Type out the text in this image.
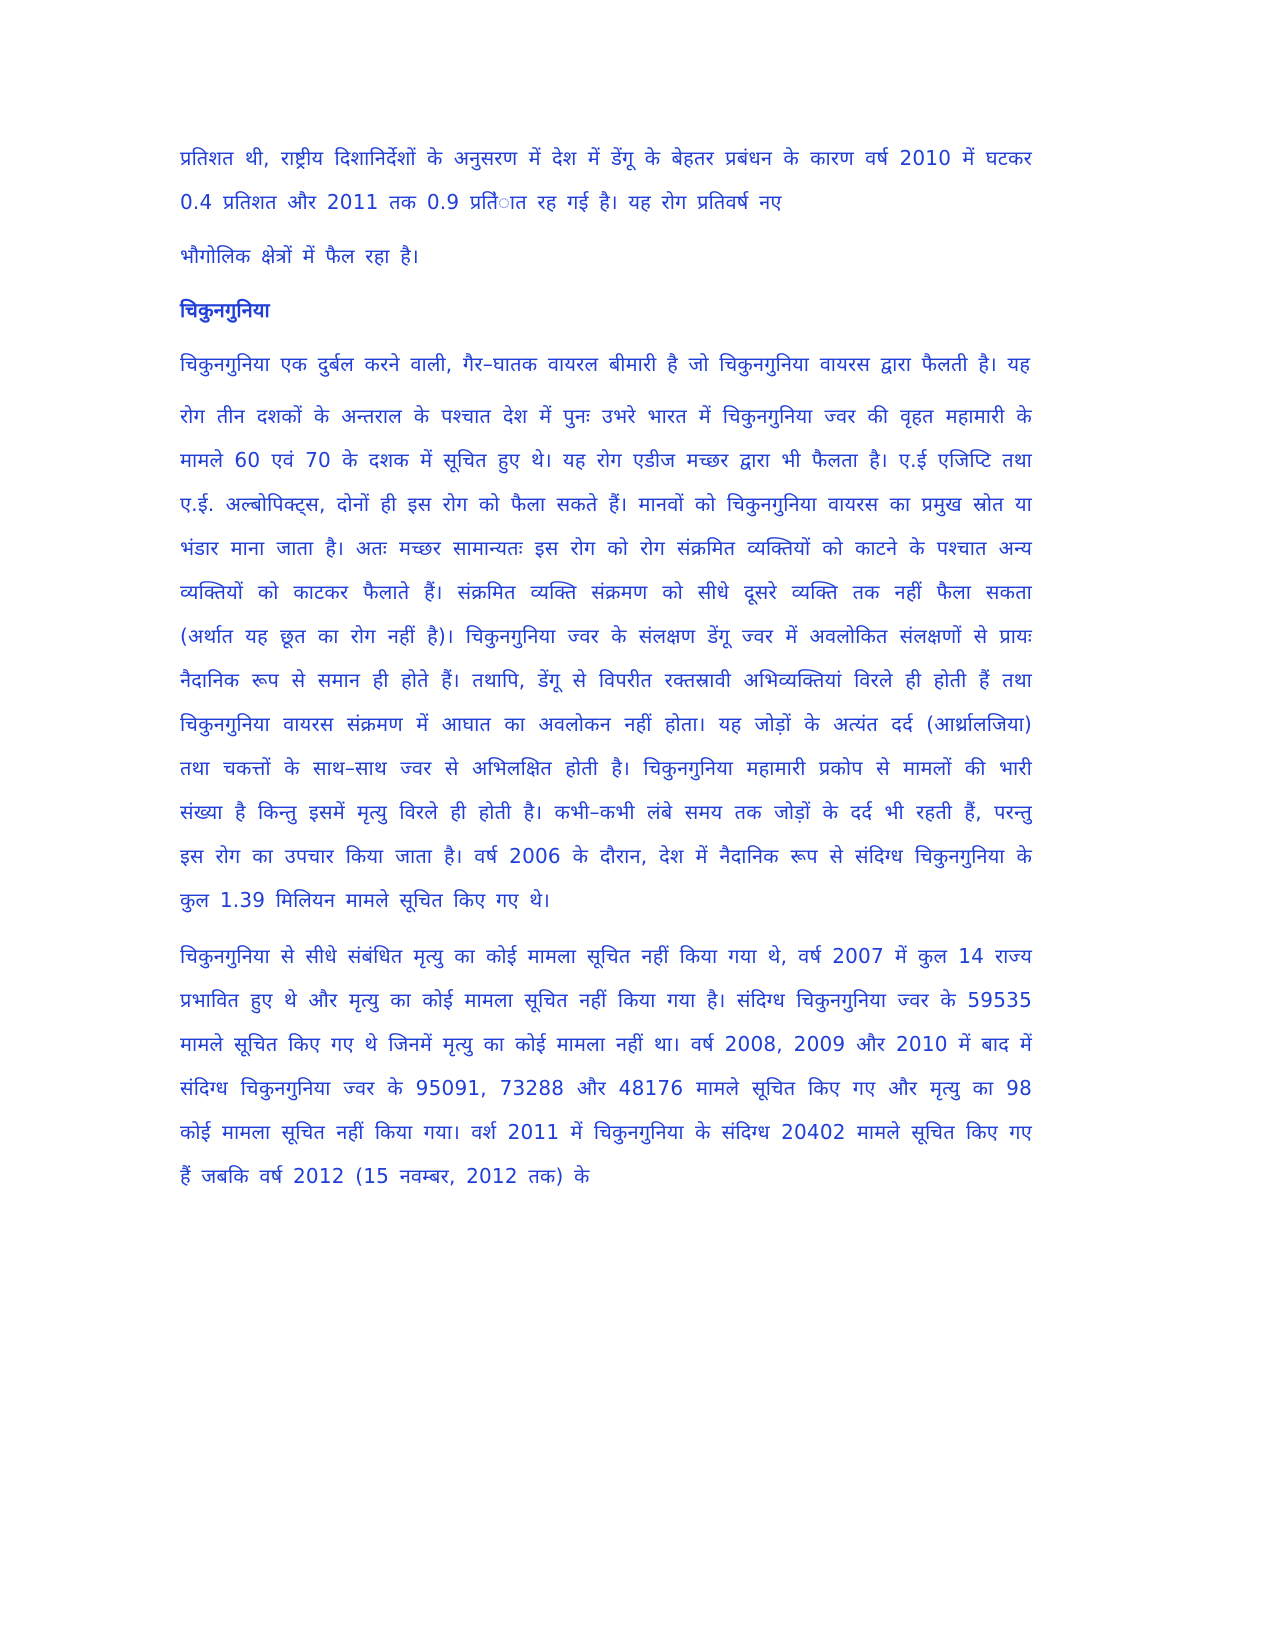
प्रतिशत थी, राष्ट्रीय दिशानिर्देशों के अनुसरण में देश में डेंगू के बेहतर प्रबंधन के कारण वर्ष 2010 में घटकर 0.4 प्रतिशत और 2011 तक 0.9 प्रति॓ात रह गई है। यह रोग प्रतिवर्ष नए

भौगोलिक क्षेत्रों में फैल रहा है।

चिकुनगुनिया

चिकुनगुनिया एक दुर्बल करने वाली, गैर–घातक वायरल बीमारी है जो चिकुनगुनिया वायरस द्वारा फैलती है। यह

रोग तीन दशकों के अन्तराल के पश्चात देश में पुनः उभरे भारत में चिकुनगुनिया ज्वर की वृहत महामारी के मामले 60 एवं 70 के दशक में सूचित हुए थे। यह रोग एडीज मच्छर द्वारा भी फैलता है। ए.ई एजिप्टि तथा ए.ई. अल्बोपिक्ट्स, दोनों ही इस रोग को फैला सकते हैं। मानवों को चिकुनगुनिया वायरस का प्रमुख स्रोत या भंडार माना जाता है। अतः मच्छर सामान्यतः इस रोग को रोग संक्रमित व्यक्तियों को काटने के पश्चात अन्य व्यक्तियों को काटकर फैलाते हैं। संक्रमित व्यक्ति संक्रमण को सीधे दूसरे व्यक्ति तक नहीं फैला सकता (अर्थात यह छूत का रोग नहीं है)। चिकुनगुनिया ज्वर के संलक्षण डेंगू ज्वर में अवलोकित संलक्षणों से प्रायः नैदानिक रूप से समान ही होते हैं। तथापि, डेंगू से विपरीत रक्तस्रावी अभिव्यक्तियां विरले ही होती हैं तथा चिकुनगुनिया वायरस संक्रमण में आघात का अवलोकन नहीं होता। यह जोड़ों के अत्यंत दर्द (आर्थ्रालजिया) तथा चकत्तों के साथ–साथ ज्वर से अभिलक्षित होती है। चिकुनगुनिया महामारी प्रकोप से मामलों की भारी संख्या है किन्तु इसमें मृत्यु विरले ही होती है। कभी–कभी लंबे समय तक जोड़ों के दर्द भी रहती हैं, परन्तु इस रोग का उपचार किया जाता है। वर्ष 2006 के दौरान, देश में नैदानिक रूप से संदिग्ध चिकुनगुनिया के कुल 1.39 मिलियन मामले सूचित किए गए थे।

चिकुनगुनिया से सीधे संबंधित मृत्यु का कोई मामला सूचित नहीं किया गया थे, वर्ष 2007 में कुल 14 राज्य प्रभावित हुए थे और मृत्यु का कोई मामला सूचित नहीं किया गया है। संदिग्ध चिकुनगुनिया ज्वर के 59535 मामले सूचित किए गए थे जिनमें मृत्यु का कोई मामला नहीं था। वर्ष 2008, 2009 और 2010 में बाद में संदिग्ध चिकुनगुनिया ज्वर के 95091, 73288 और 48176 मामले सूचित किए गए और मृत्यु का 98 कोई मामला सूचित नहीं किया गया। वर्श 2011 में चिकुनगुनिया के संदिग्ध 20402 मामले सूचित किए गए हैं जबकि वर्ष 2012 (15 नवम्बर, 2012 तक) के
